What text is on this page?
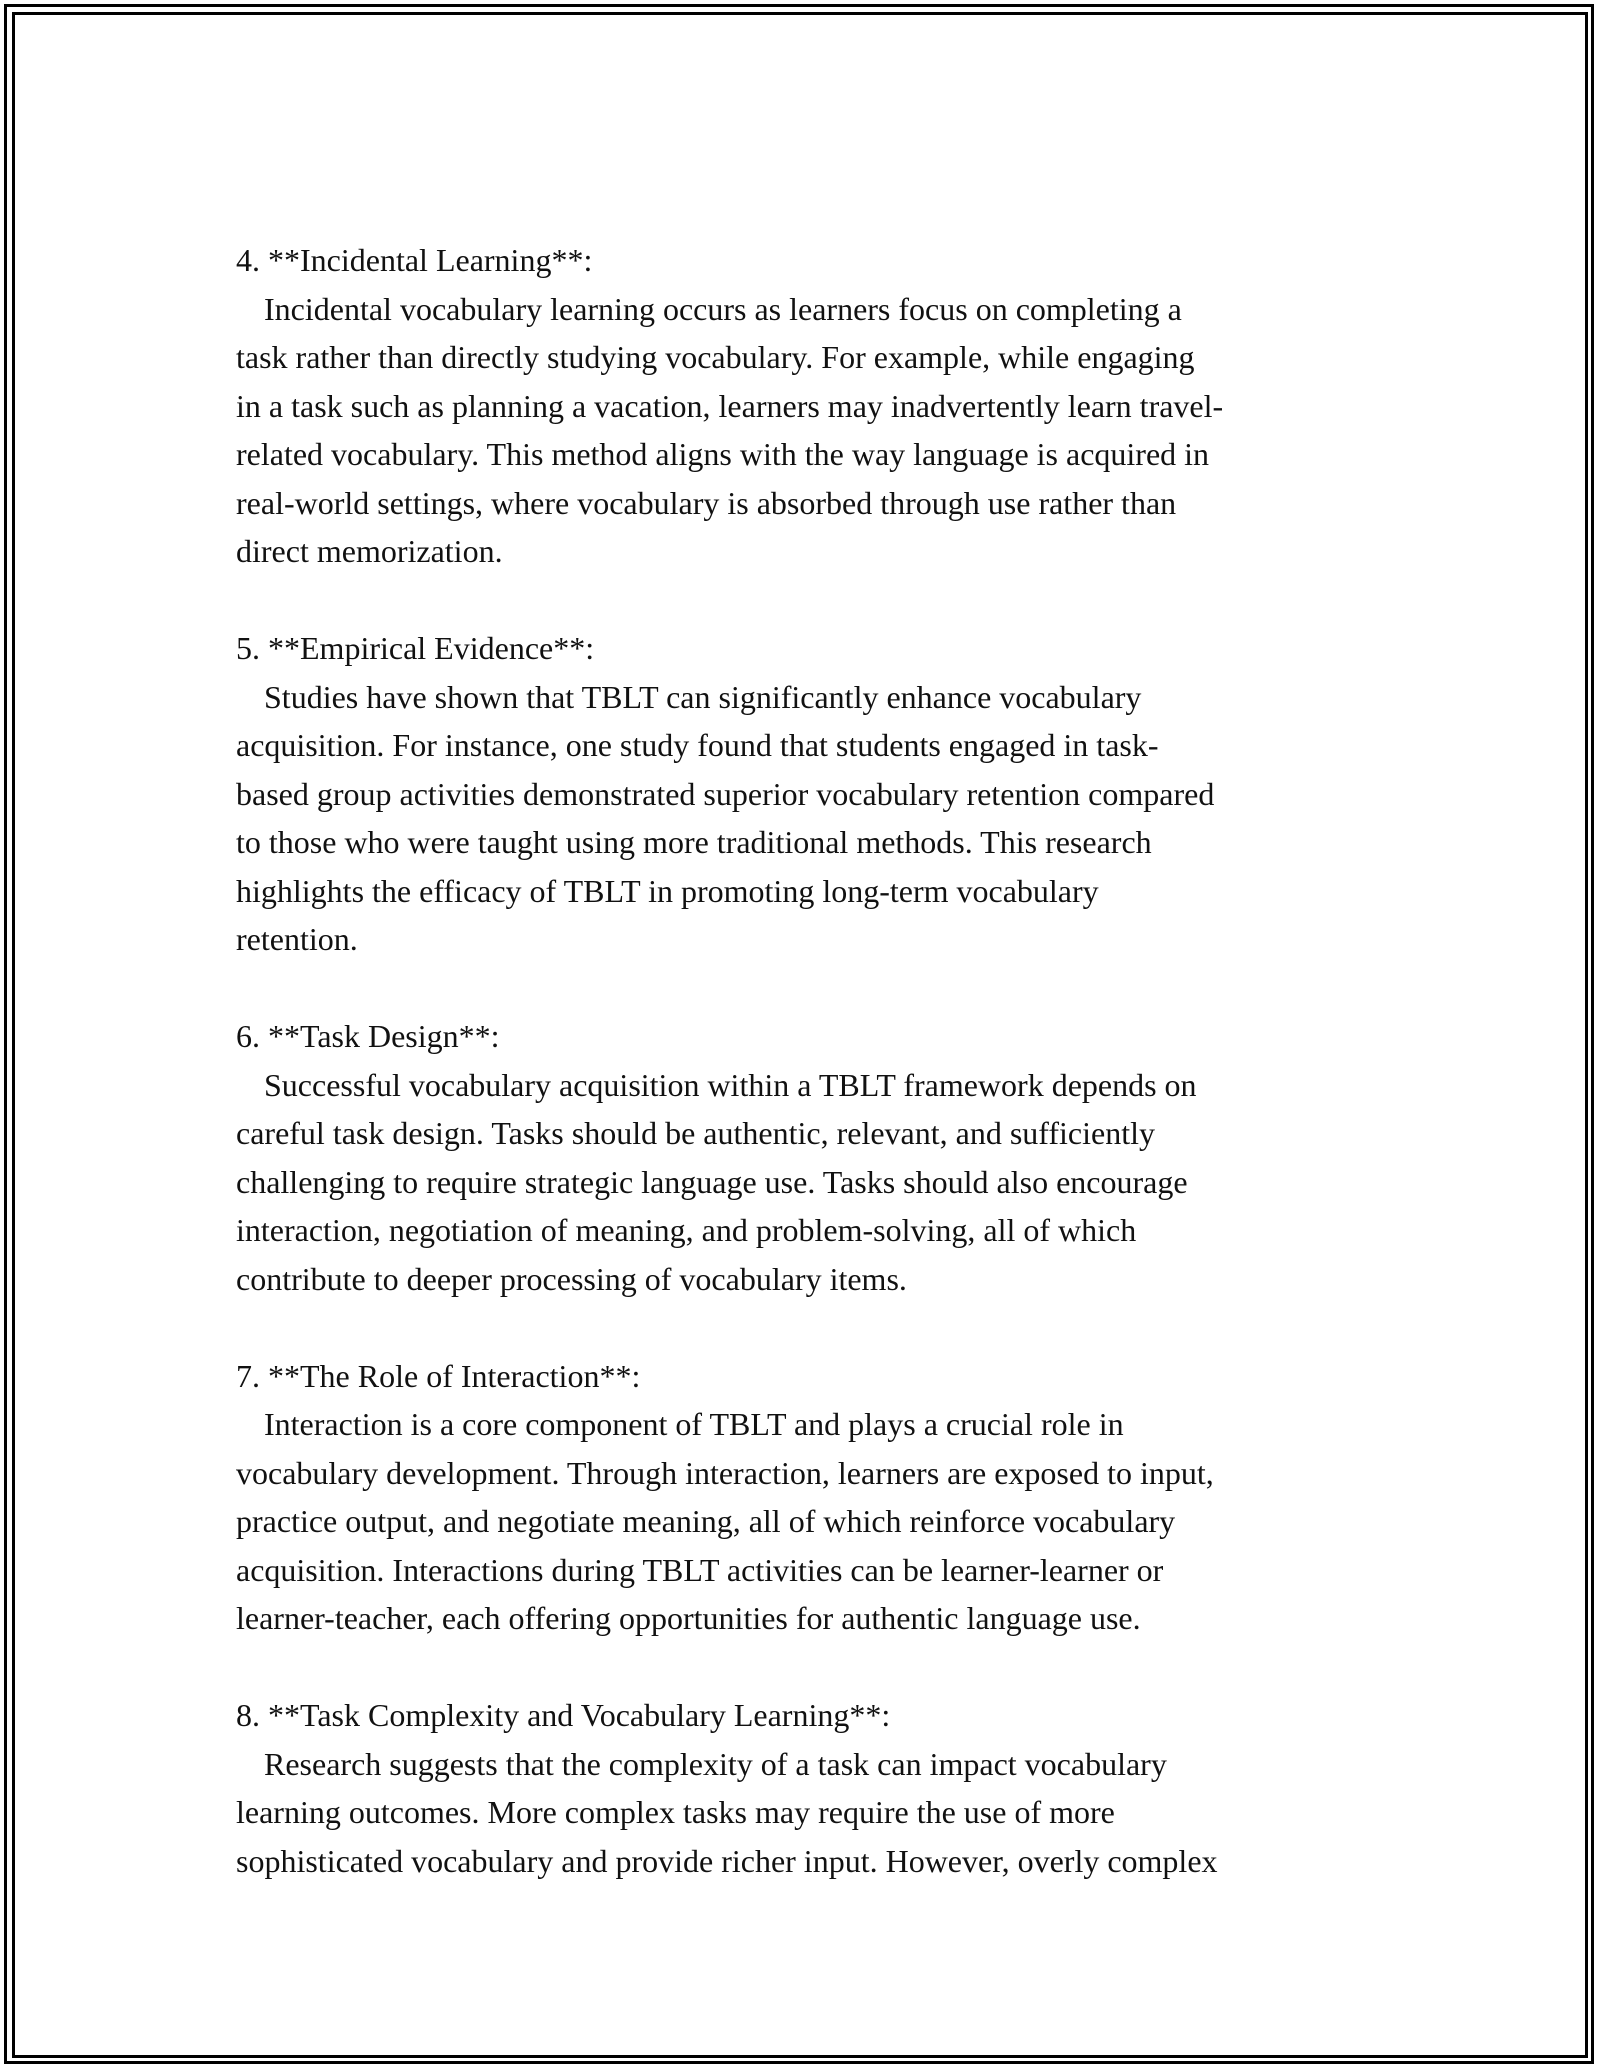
4. **Incidental Learning**:
Incidental vocabulary learning occurs as learners focus on completing a
task rather than directly studying vocabulary. For example, while engaging
in a task such as planning a vacation, learners may inadvertently learn travel-
related vocabulary. This method aligns with the way language is acquired in
real-world settings, where vocabulary is absorbed through use rather than
direct memorization.
5. **Empirical Evidence**:
Studies have shown that TBLT can significantly enhance vocabulary
acquisition. For instance, one study found that students engaged in task-
based group activities demonstrated superior vocabulary retention compared
to those who were taught using more traditional methods. This research
highlights the efficacy of TBLT in promoting long-term vocabulary
retention.
6. **Task Design**:
Successful vocabulary acquisition within a TBLT framework depends on
careful task design. Tasks should be authentic, relevant, and sufficiently
challenging to require strategic language use. Tasks should also encourage
interaction, negotiation of meaning, and problem-solving, all of which
contribute to deeper processing of vocabulary items.
7. **The Role of Interaction**:
Interaction is a core component of TBLT and plays a crucial role in
vocabulary development. Through interaction, learners are exposed to input,
practice output, and negotiate meaning, all of which reinforce vocabulary
acquisition. Interactions during TBLT activities can be learner-learner or
learner-teacher, each offering opportunities for authentic language use.
8. **Task Complexity and Vocabulary Learning**:
Research suggests that the complexity of a task can impact vocabulary
learning outcomes. More complex tasks may require the use of more
sophisticated vocabulary and provide richer input. However, overly complex
